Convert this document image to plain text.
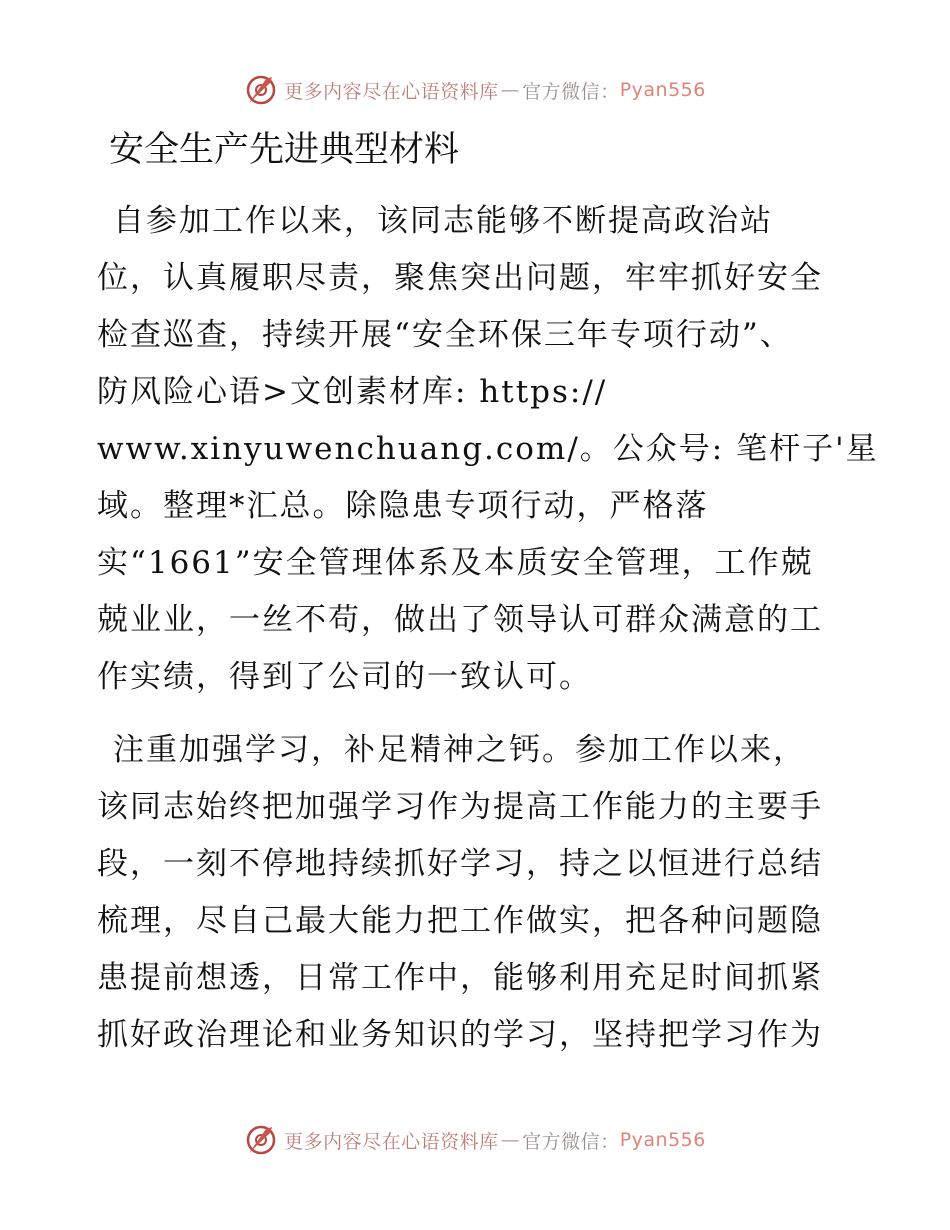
更多内容尽在心语资料库 — 官方微信： Pyan556
安全生产先进典型材料
自参加工作以来，该同志能够不断提高政治站
位，认真履职尽责，聚焦突出问题，牢牢抓好安全
检查巡查，持续开展“安全环保三年专项行动”、
防风险心语>文创素材库: https://
www.xinyuwenchuang.com/。公众号: 笔杆子'星
域。整理*汇总。除隐患专项行动，严格落
实“1661”安全管理体系及本质安全管理，工作兢
兢业业，一丝不苟，做出了领导认可群众满意的工
作实绩，得到了公司的一致认可。
注重加强学习，补足精神之钙。参加工作以来，
该同志始终把加强学习作为提高工作能力的主要手
段，一刻不停地持续抓好学习，持之以恒进行总结
梳理，尽自己最大能力把工作做实，把各种问题隐
患提前想透，日常工作中，能够利用充足时间抓紧
抓好政治理论和业务知识的学习，坚持把学习作为
更多内容尽在心语资料库 — 官方微信： Pyan556
